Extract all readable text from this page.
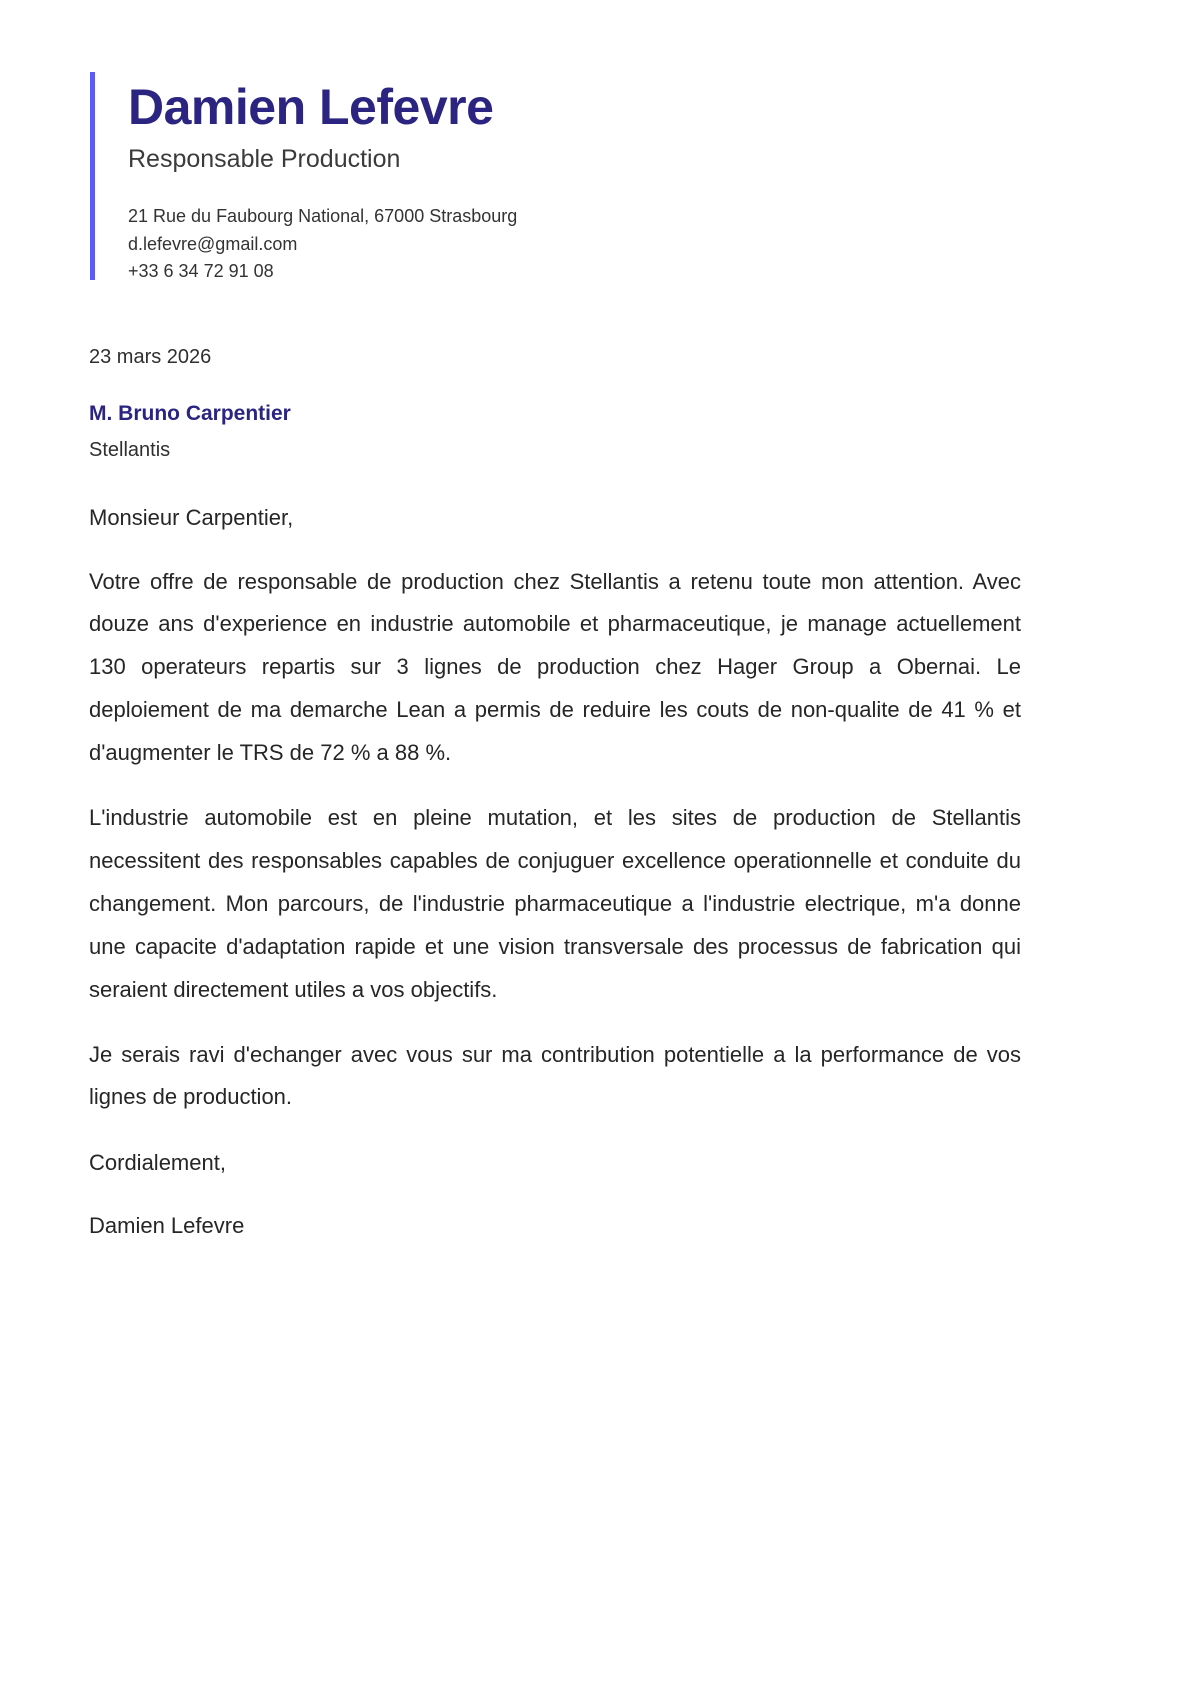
Damien Lefevre
Responsable Production
21 Rue du Faubourg National, 67000 Strasbourg
d.lefevre@gmail.com
+33 6 34 72 91 08
23 mars 2026
M. Bruno Carpentier
Stellantis
Monsieur Carpentier,

Votre offre de responsable de production chez Stellantis a retenu toute mon attention. Avec douze ans d'experience en industrie automobile et pharmaceutique, je manage actuellement 130 operateurs repartis sur 3 lignes de production chez Hager Group a Obernai. Le deploiement de ma demarche Lean a permis de reduire les couts de non-qualite de 41 % et d'augmenter le TRS de 72 % a 88 %.

L'industrie automobile est en pleine mutation, et les sites de production de Stellantis necessitent des responsables capables de conjuguer excellence operationnelle et conduite du changement. Mon parcours, de l'industrie pharmaceutique a l'industrie electrique, m'a donne une capacite d'adaptation rapide et une vision transversale des processus de fabrication qui seraient directement utiles a vos objectifs.

Je serais ravi d'echanger avec vous sur ma contribution potentielle a la performance de vos lignes de production.

Cordialement,
Damien Lefevre
